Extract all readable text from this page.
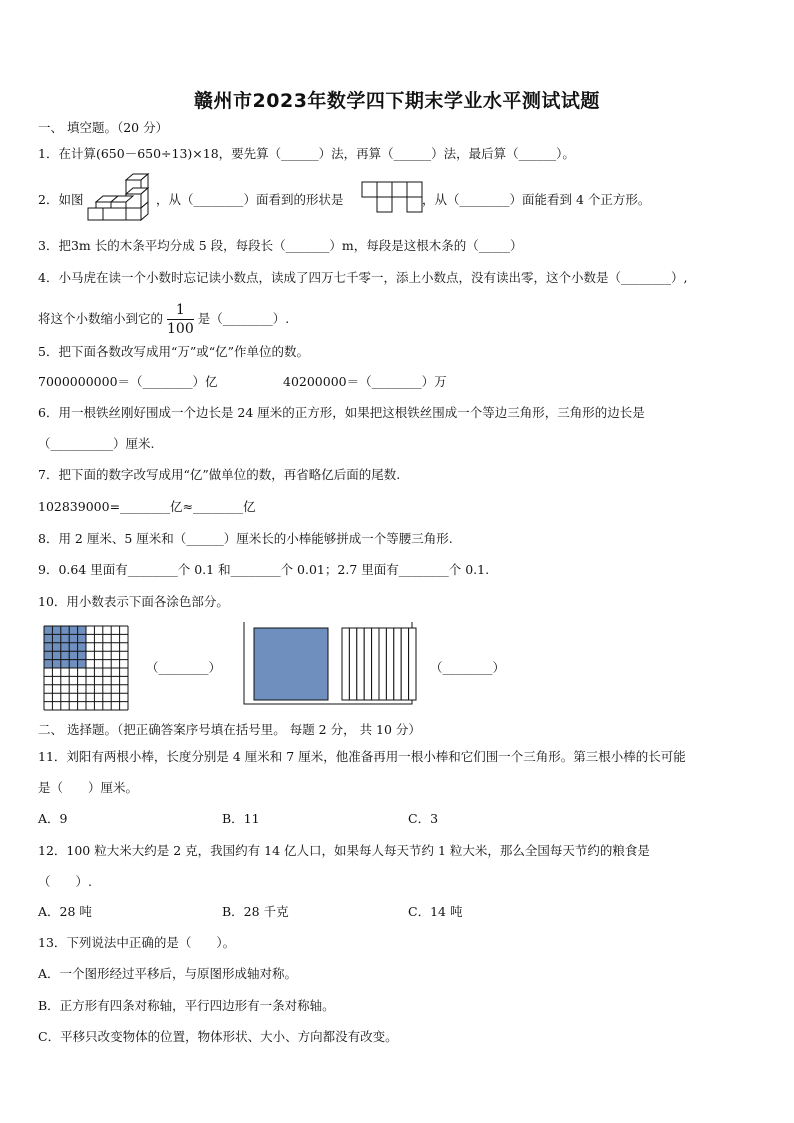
赣州市2023年数学四下期末学业水平测试试题
一、 填空题。（20 分）
1．在计算(650－650÷13)×18，要先算（______）法，再算（______）法，最后算（______）。
2．如图	，从（________）面看到的形状是	，从（________）面能看到 4 个正方形。
3．把3m 长的木条平均分成 5 段，每段长（_______）m，每段是这根木条的（_____）
4．小马虎在读一个小数时忘记读小数点，读成了四万七千零一，添上小数点，没有读出零，这个小数是（________）,
将这个小数缩小到它的 $\frac{1}{100}$ 是（________）.
5．把下面各数改写成用“万”或“亿”作单位的数。
7000000000＝（________）亿	40200000＝（________）万
6．用一根铁丝刚好围成一个边长是 24 厘米的正方形，如果把这根铁丝围成一个等边三角形，三角形的边长是
（__________）厘米.
7．把下面的数字改写成用“亿”做单位的数，再省略亿后面的尾数.
102839000=________亿≈________亿
8．用 2 厘米、5 厘米和（______）厘米长的小棒能够拼成一个等腰三角形.
9．0.64 里面有________个 0.1 和________个 0.01；2.7 里面有________个 0.1.
10．用小数表示下面各涂色部分。
（________）	（________）
二、 选择题。（把正确答案序号填在括号里。 每题 2 分， 共 10 分）
11．刘阳有两根小棒，长度分别是 4 厘米和 7 厘米，他准备再用一根小棒和它们围一个三角形。第三根小棒的长可能
是（　　）厘米。
A．9	B．11	C．3
12．100 粒大米大约是 2 克，我国约有 14 亿人口，如果每人每天节约 1 粒大米，那么全国每天节约的粮食是
（　　）.
A．28 吨	B．28 千克	C．14 吨
13．下列说法中正确的是（　　）。
A．一个图形经过平移后，与原图形成轴对称。
B．正方形有四条对称轴，平行四边形有一条对称轴。
C．平移只改变物体的位置，物体形状、大小、方向都没有改变。
